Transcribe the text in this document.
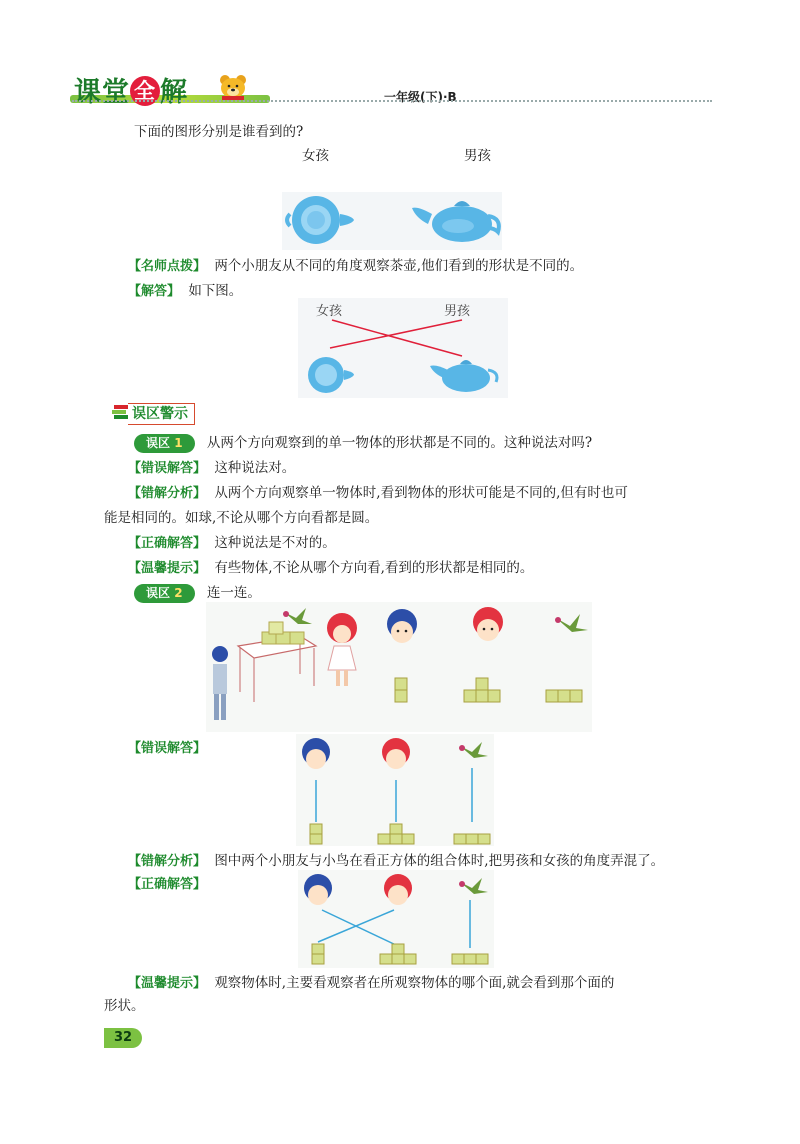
课堂 全 解	一年级(下)·B
下面的图形分别是谁看到的?
女孩	男孩
【名师点拨】 两个小朋友从不同的角度观察茶壶,他们看到的形状是不同的。
【解答】 如下图。
女孩	男孩
误区警示
误区 1 从两个方向观察到的单一物体的形状都是不同的。这种说法对吗?
【错误解答】 这种说法对。
【错解分析】 从两个方向观察单一物体时,看到物体的形状可能是不同的,但有时也可
能是相同的。如球,不论从哪个方向看都是圆。
【正确解答】 这种说法是不对的。
【温馨提示】 有些物体,不论从哪个方向看,看到的形状都是相同的。
误区 2 连一连。
【错误解答】
【错解分析】 图中两个小朋友与小鸟在看正方体的组合体时,把男孩和女孩的角度弄混了。
【正确解答】
【温馨提示】 观察物体时,主要看观察者在所观察物体的哪个面,就会看到那个面的
形状。
32
